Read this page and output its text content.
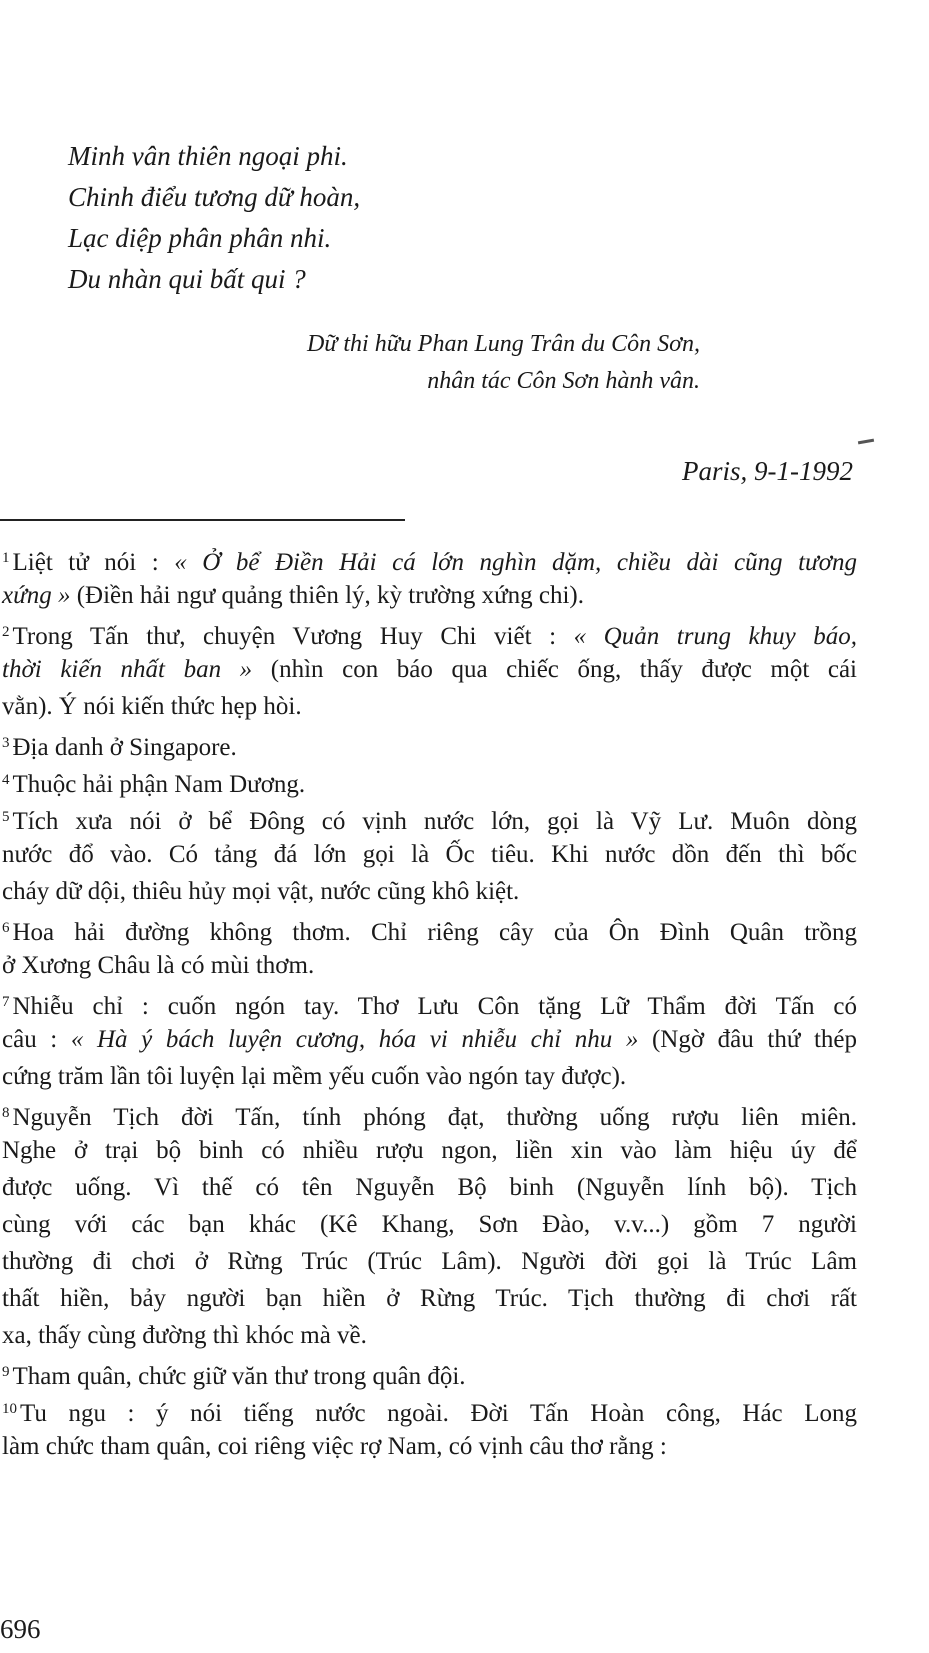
Minh vân thiên ngoại phi.
Chinh điểu tương dữ hoàn,
Lạc diệp phân phân nhi.
Du nhàn qui bất qui ?
Dữ thi hữu Phan Lung Trân du Côn Sơn,
nhân tác Côn Sơn hành vân.
Paris, 9-1-1992
$^1$ Liệt tử nói : « Ở bể Điền Hải cá lớn nghìn dặm, chiều dài cũng tương
xứng » (Điền hải ngư quảng thiên lý, kỳ trường xứng chi).
$^2$ Trong Tấn thư, chuyện Vương Huy Chi viết : « Quản trung khuy báo,
thời kiến nhất ban » (nhìn con báo qua chiếc ống, thấy được một cái
vằn). Ý nói kiến thức hẹp hòi.
$^3$ Địa danh ở Singapore.
$^4$ Thuộc hải phận Nam Dương.
$^5$ Tích xưa nói ở bể Đông có vịnh nước lớn, gọi là Vỹ Lư. Muôn dòng
nước đổ vào. Có tảng đá lớn gọi là Ốc tiêu. Khi nước dồn đến thì bốc
cháy dữ dội, thiêu hủy mọi vật, nước cũng khô kiệt.
$^6$ Hoa hải đường không thơm. Chỉ riêng cây của Ôn Đình Quân trồng
ở Xương Châu là có mùi thơm.
$^7$ Nhiễu chỉ : cuốn ngón tay. Thơ Lưu Côn tặng Lữ Thẩm đời Tấn có
câu : « Hà ý bách luyện cương, hóa vi nhiễu chỉ nhu » (Ngờ đâu thứ thép
cứng trăm lần tôi luyện lại mềm yếu cuốn vào ngón tay được).
$^8$ Nguyễn Tịch đời Tấn, tính phóng đạt, thường uống rượu liên miên.
Nghe ở trại bộ binh có nhiều rượu ngon, liền xin vào làm hiệu úy để
được uống. Vì thế có tên Nguyễn Bộ binh (Nguyễn lính bộ). Tịch
cùng với các bạn khác (Kê Khang, Sơn Đào, v.v...) gồm 7 người
thường đi chơi ở Rừng Trúc (Trúc Lâm). Người đời gọi là Trúc Lâm
thất hiền, bảy người bạn hiền ở Rừng Trúc. Tịch thường đi chơi rất
xa, thấy cùng đường thì khóc mà về.
$^9$ Tham quân, chức giữ văn thư trong quân đội.
$^{10}$ Tu ngu : ý nói tiếng nước ngoài. Đời Tấn Hoàn công, Hác Long
làm chức tham quân, coi riêng việc rợ Nam, có vịnh câu thơ rằng :
696
